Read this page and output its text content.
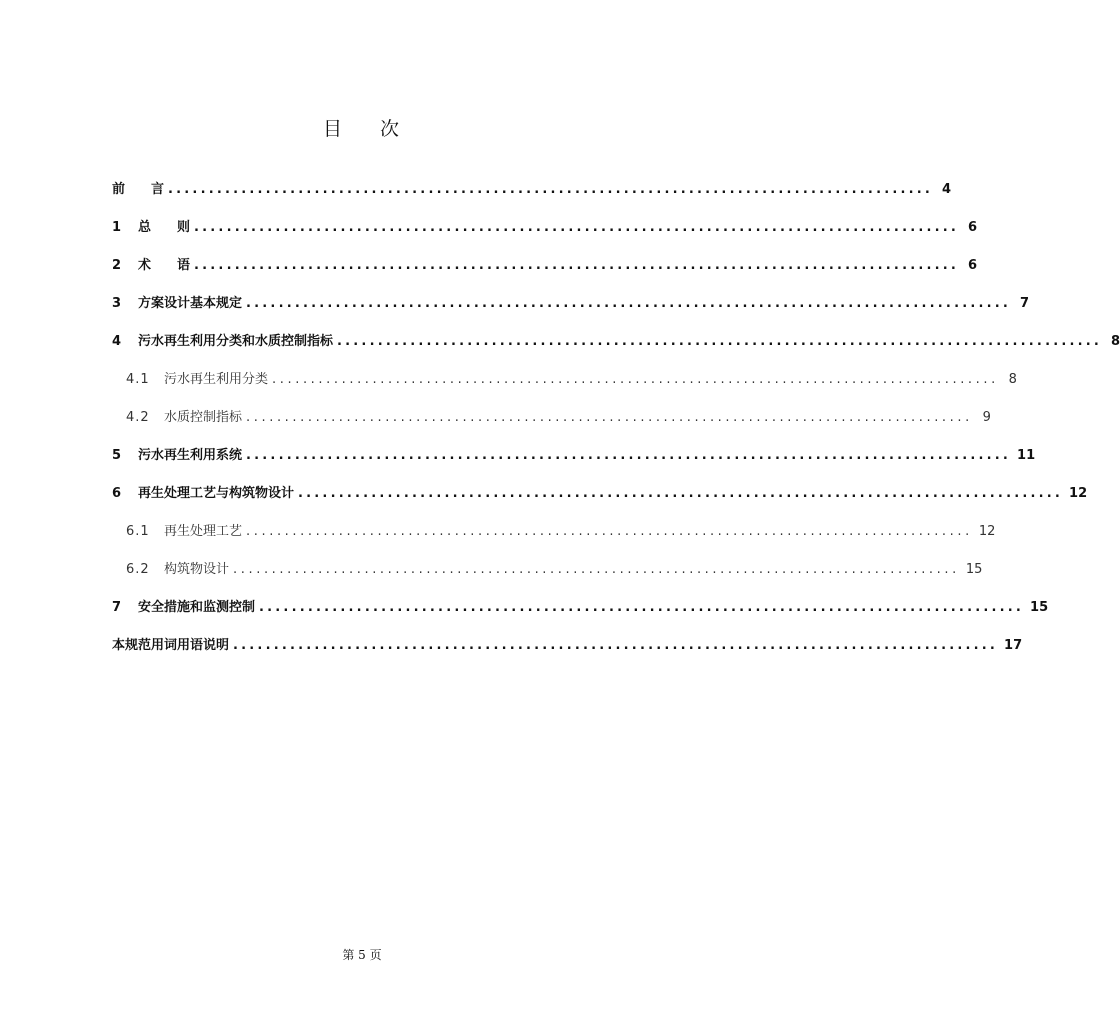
目 次
前　　言 .............................................................................................. 4
1	总　　则 .............................................................................................. 6
2	术　　语 .............................................................................................. 6
3	方案设计基本规定 .............................................................................................. 7
4	污水再生利用分类和水质控制指标 .............................................................................................. 8
4.1	污水再生利用分类 .............................................................................................. 8
4.2	水质控制指标 .............................................................................................. 9
5	污水再生利用系统 .............................................................................................. 11
6	再生处理工艺与构筑物设计 .............................................................................................. 12
6.1	再生处理工艺 .............................................................................................. 12
6.2	构筑物设计 .............................................................................................. 15
7	安全措施和监测控制 .............................................................................................. 15
本规范用词用语说明 .............................................................................................. 17
第 5 页
